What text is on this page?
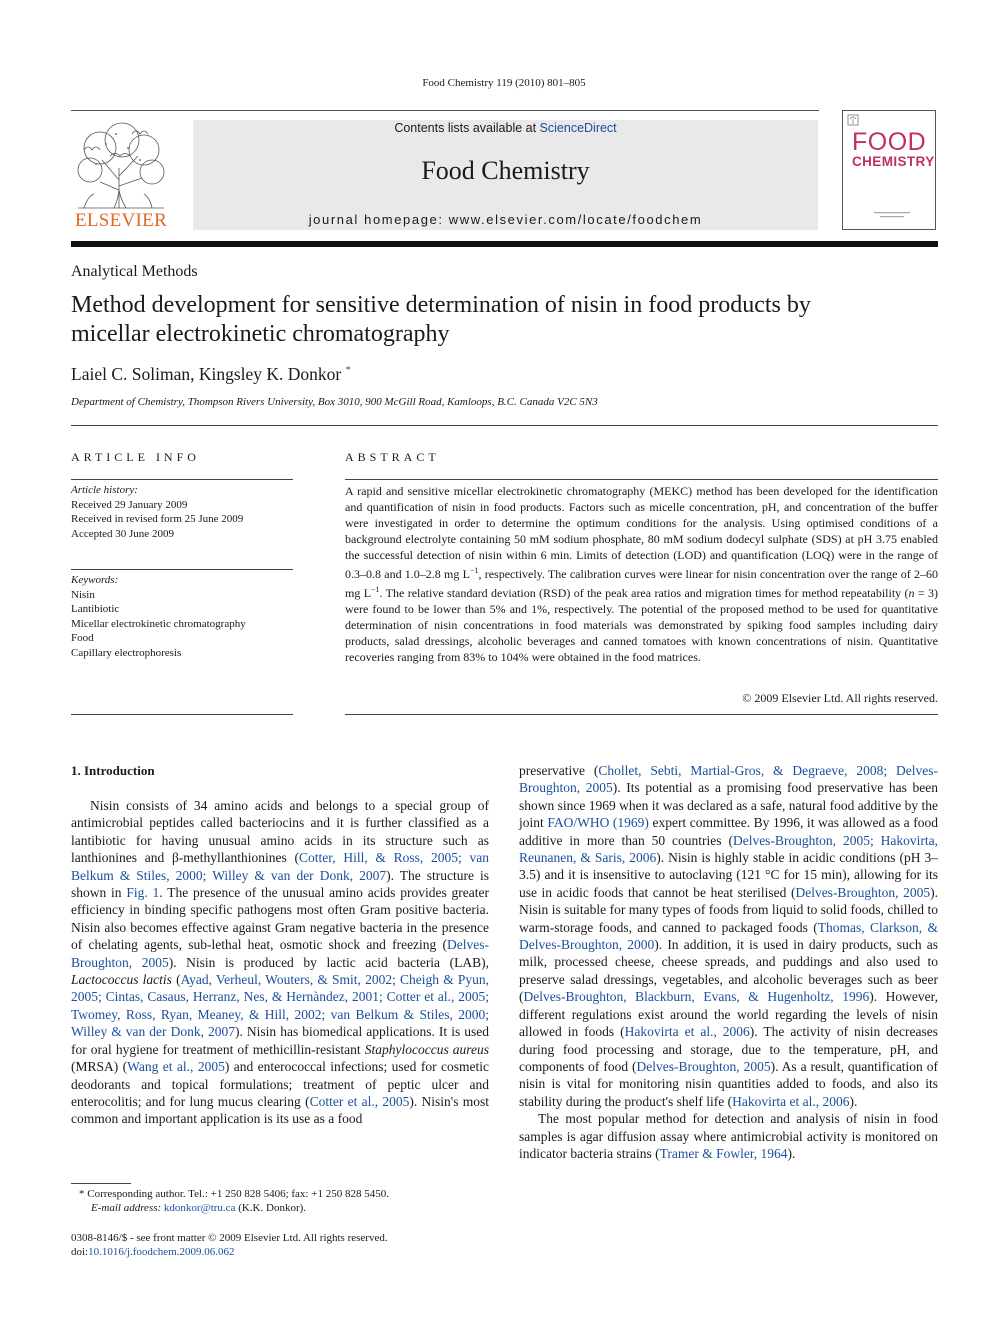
Food Chemistry 119 (2010) 801–805
ELSEVIER
Contents lists available at ScienceDirect
Food Chemistry
journal homepage: www.elsevier.com/locate/foodchem
FOOD
CHEMISTRY
Analytical Methods
Method development for sensitive determination of nisin in food products by
micellar electrokinetic chromatography
Laiel C. Soliman, Kingsley K. Donkor *
Department of Chemistry, Thompson Rivers University, Box 3010, 900 McGill Road, Kamloops, B.C. Canada V2C 5N3
ARTICLE INFO	ABSTRACT
Article history:
Received 29 January 2009
Received in revised form 25 June 2009
Accepted 30 June 2009
Keywords:
Nisin
Lantibiotic
Micellar electrokinetic chromatography
Food
Capillary electrophoresis
A rapid and sensitive micellar electrokinetic chromatography (MEKC) method has been developed for the identification and quantification of nisin in food products. Factors such as micelle concentration, pH, and concentration of the buffer were investigated in order to determine the optimum conditions for the analysis. Using optimised conditions of a background electrolyte containing 50 mM sodium phosphate, 80 mM sodium dodecyl sulphate (SDS) at pH 3.75 enabled the successful detection of nisin within 6 min. Limits of detection (LOD) and quantification (LOQ) were in the range of 0.3–0.8 and 1.0–2.8 mg $L^{-1}$, respectively. The calibration curves were linear for nisin concentration over the range of 2–60 mg $L^{-1}$. The relative standard deviation (RSD) of the peak area ratios and migration times for method repeatability (n = 3) were found to be lower than 5% and 1%, respectively. The potential of the proposed method to be used for quantitative determination of nisin concentrations in food materials was demonstrated by spiking food samples including dairy products, salad dressings, alcoholic beverages and canned tomatoes with known concentrations of nisin. Quantitative recoveries ranging from 83% to 104% were obtained in the food matrices.
© 2009 Elsevier Ltd. All rights reserved.
1. Introduction

Nisin consists of 34 amino acids and belongs to a special group of antimicrobial peptides called bacteriocins and it is further classified as a lantibiotic for having unusual amino acids in its structure such as lanthionines and β-methyllanthionines (Cotter, Hill, & Ross, 2005; van Belkum & Stiles, 2000; Willey & van der Donk, 2007). The structure is shown in Fig. 1. The presence of the unusual amino acids provides greater efficiency in binding specific pathogens most often Gram positive bacteria. Nisin also becomes effective against Gram negative bacteria in the presence of chelating agents, sub-lethal heat, osmotic shock and freezing (Delves-Broughton, 2005). Nisin is produced by lactic acid bacteria (LAB), Lactococcus lactis (Ayad, Verheul, Wouters, & Smit, 2002; Cheigh & Pyun, 2005; Cintas, Casaus, Herranz, Nes, & Hernàndez, 2001; Cotter et al., 2005; Twomey, Ross, Ryan, Meaney, & Hill, 2002; van Belkum & Stiles, 2000; Willey & van der Donk, 2007). Nisin has biomedical applications. It is used for oral hygiene for treatment of methicillin-resistant Staphylococcus aureus (MRSA) (Wang et al., 2005) and enterococcal infections; used for cosmetic deodorants and topical formulations; treatment of peptic ulcer and enterocolitis; and for lung mucus clearing (Cotter et al., 2005). Nisin's most common and important application is its use as a food

preservative (Chollet, Sebti, Martial-Gros, & Degraeve, 2008; Delves-Broughton, 2005). Its potential as a promising food preservative has been shown since 1969 when it was declared as a safe, natural food additive by the joint FAO/WHO (1969) expert committee. By 1996, it was allowed as a food additive in more than 50 countries (Delves-Broughton, 2005; Hakovirta, Reunanen, & Saris, 2006). Nisin is highly stable in acidic conditions (pH 3–3.5) and it is insensitive to autoclaving (121 °C for 15 min), allowing for its use in acidic foods that cannot be heat sterilised (Delves-Broughton, 2005). Nisin is suitable for many types of foods from liquid to solid foods, chilled to warm-storage foods, and canned to packaged foods (Thomas, Clarkson, & Delves-Broughton, 2000). In addition, it is used in dairy products, such as milk, processed cheese, cheese spreads, and puddings and also used to preserve salad dressings, vegetables, and alcoholic beverages such as beer (Delves-Broughton, Blackburn, Evans, & Hugenholtz, 1996). However, different regulations exist around the world regarding the levels of nisin allowed in foods (Hakovirta et al., 2006). The activity of nisin decreases during food processing and storage, due to the temperature, pH, and components of food (Delves-Broughton, 2005). As a result, quantification of nisin is vital for monitoring nisin quantities added to foods, and also its stability during the product's shelf life (Hakovirta et al., 2006).

The most popular method for detection and analysis of nisin in food samples is agar diffusion assay where antimicrobial activity is monitored on indicator bacteria strains (Tramer & Fowler, 1964).

* Corresponding author. Tel.: +1 250 828 5406; fax: +1 250 828 5450.
E-mail address: kdonkor@tru.ca (K.K. Donkor).
0308-8146/$ - see front matter © 2009 Elsevier Ltd. All rights reserved.
doi:10.1016/j.foodchem.2009.06.062
